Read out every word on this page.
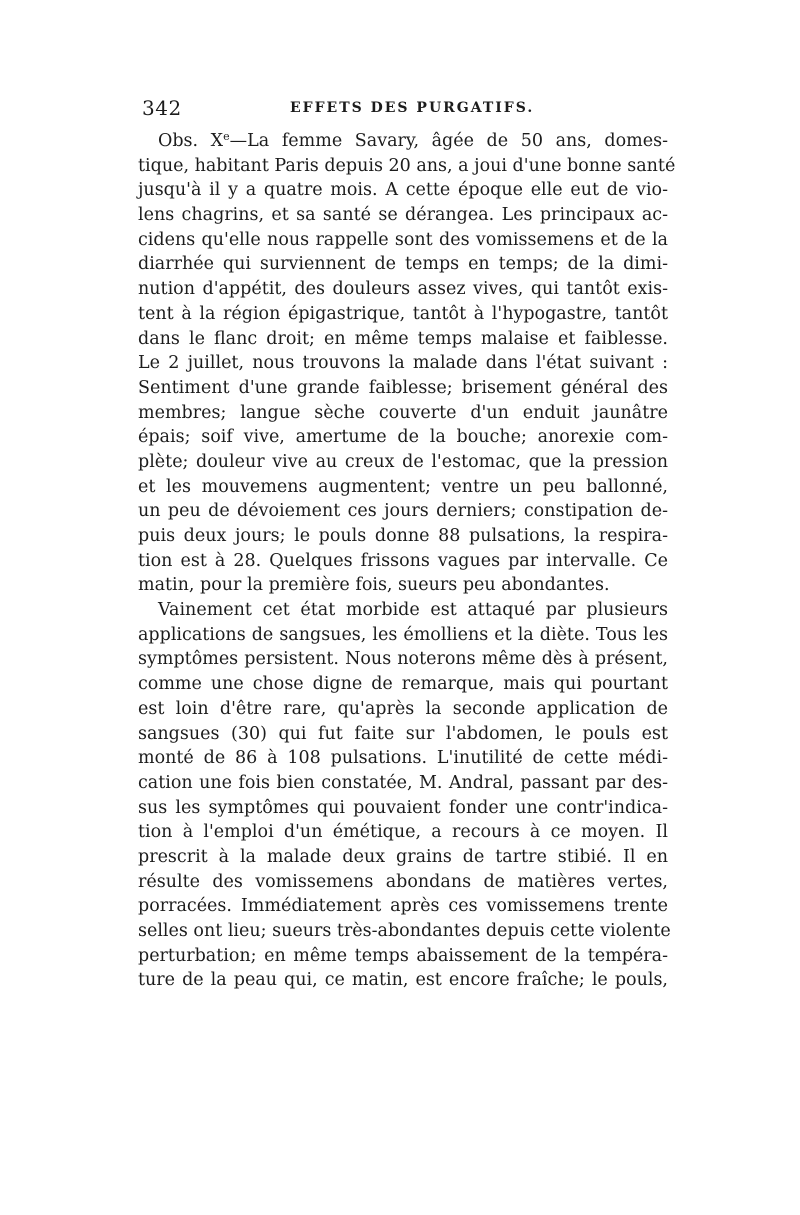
342	EFFETS DES PURGATIFS.
Obs. Xe—La femme Savary, âgée de 50 ans, domes-
tique, habitant Paris depuis 20 ans, a joui d'une bonne santé
jusqu'à il y a quatre mois. A cette époque elle eut de vio-
lens chagrins, et sa santé se dérangea. Les principaux ac-
cidens qu'elle nous rappelle sont des vomissemens et de la
diarrhée qui surviennent de temps en temps; de la dimi-
nution d'appétit, des douleurs assez vives, qui tantôt exis-
tent à la région épigastrique, tantôt à l'hypogastre, tantôt
dans le flanc droit; en même temps malaise et faiblesse.
Le 2 juillet, nous trouvons la malade dans l'état suivant :
Sentiment d'une grande faiblesse; brisement général des
membres; langue sèche couverte d'un enduit jaunâtre
épais; soif vive, amertume de la bouche; anorexie com-
plète; douleur vive au creux de l'estomac, que la pression
et les mouvemens augmentent; ventre un peu ballonné,
un peu de dévoiement ces jours derniers; constipation de-
puis deux jours; le pouls donne 88 pulsations, la respira-
tion est à 28. Quelques frissons vagues par intervalle. Ce
matin, pour la première fois, sueurs peu abondantes.
Vainement cet état morbide est attaqué par plusieurs
applications de sangsues, les émolliens et la diète. Tous les
symptômes persistent. Nous noterons même dès à présent,
comme une chose digne de remarque, mais qui pourtant
est loin d'être rare, qu'après la seconde application de
sangsues (30) qui fut faite sur l'abdomen, le pouls est
monté de 86 à 108 pulsations. L'inutilité de cette médi-
cation une fois bien constatée, M. Andral, passant par des-
sus les symptômes qui pouvaient fonder une contr'indica-
tion à l'emploi d'un émétique, a recours à ce moyen. Il
prescrit à la malade deux grains de tartre stibié. Il en
résulte des vomissemens abondans de matières vertes,
porracées. Immédiatement après ces vomissemens trente
selles ont lieu; sueurs très-abondantes depuis cette violente
perturbation; en même temps abaissement de la tempéra-
ture de la peau qui, ce matin, est encore fraîche; le pouls,
